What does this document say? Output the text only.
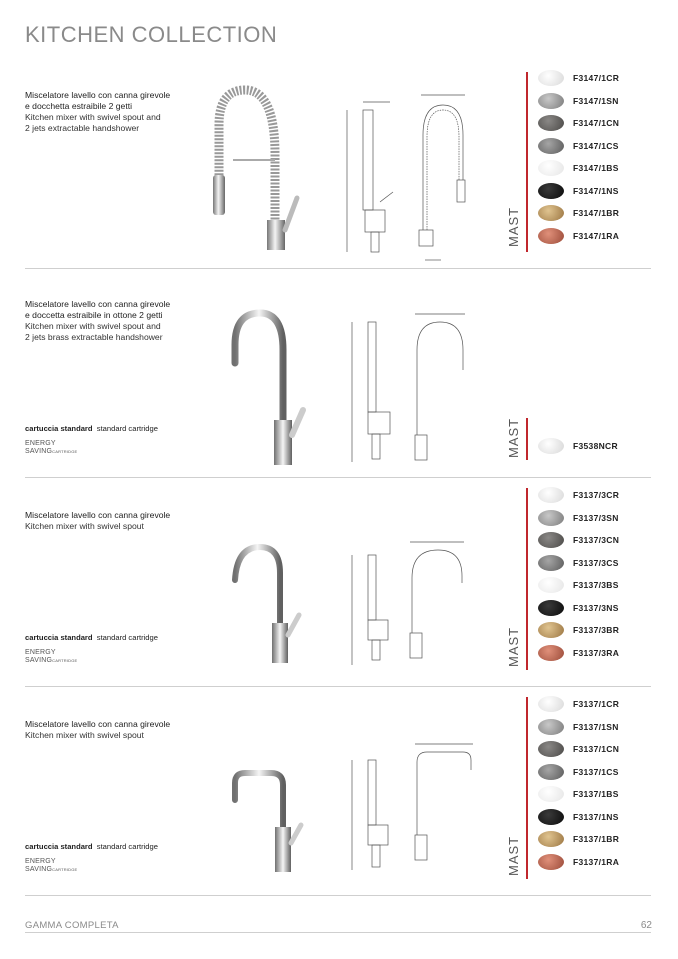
KITCHEN COLLECTION

Miscelatore lavello con canna girevole
e docchetta estraibile 2 getti

Kitchen mixer with swivel spout and
2 jets extractable handshower

MAST
F3147/1CR
F3147/1SN
F3147/1CN
F3147/1CS
F3147/1BS
F3147/1NS
F3147/1BR
F3147/1RA

Miscelatore lavello con canna girevole
e doccetta estraibile in ottone 2 getti

Kitchen mixer with swivel spout and
2 jets brass extractable handshower

cartuccia standard standard cartridge
ENERGY
SAVINGCARTRIDGE	MAST	F3538NCR

Miscelatore lavello con canna girevole

Kitchen mixer with swivel spout

cartuccia standard standard cartridge
ENERGY
SAVINGCARTRIDGE	MAST
F3137/3CR
F3137/3SN
F3137/3CN
F3137/3CS
F3137/3BS
F3137/3NS
F3137/3BR
F3137/3RA

Miscelatore lavello con canna girevole

Kitchen mixer with swivel spout

cartuccia standard standard cartridge
ENERGY
SAVINGCARTRIDGE	MAST
F3137/1CR
F3137/1SN
F3137/1CN
F3137/1CS
F3137/1BS
F3137/1NS
F3137/1BR
F3137/1RA
GAMMA COMPLETA	62
